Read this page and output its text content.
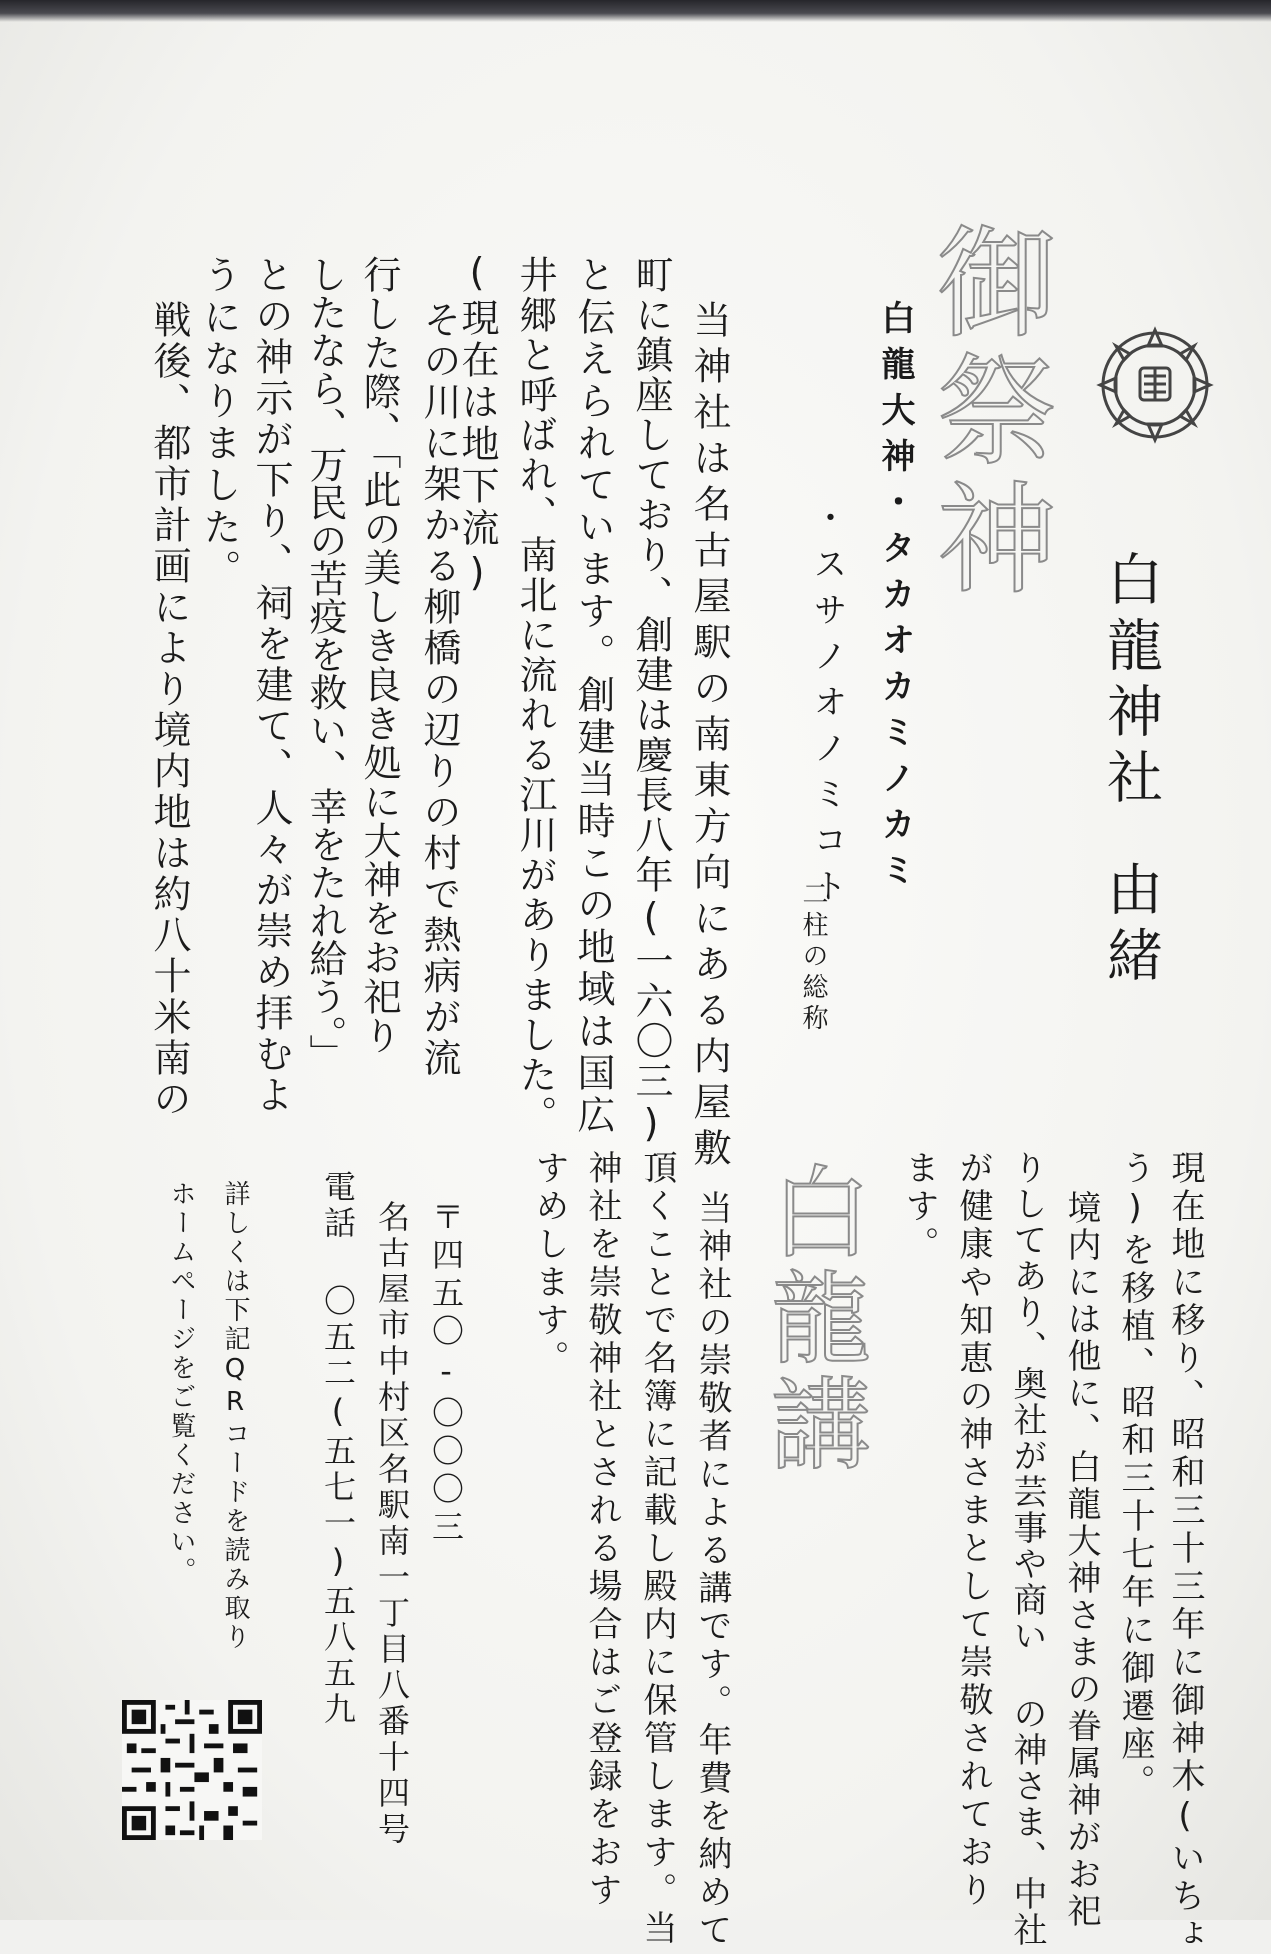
白龍神社
由緒
御祭神
白龍大神・タカオカミノカミ
・スサノオノミコト
二柱の総称
当神社は名古屋駅の南東方向にある内屋敷
町に鎮座しており、創建は慶長八年(一六〇三)
と伝えられています。創建当時この地域は国広
井郷と呼ばれ、南北に流れる江川がありました。
(現在は地下流)
その川に架かる柳橋の辺りの村で熱病が流
行した際、「此の美しき良き処に大神をお祀り
したなら、万民の苦疫を救い、幸をたれ給う。」
との神示が下り、祠を建て、人々が崇め拝むよ
うになりました。
戦後、都市計画により境内地は約八十米南の
現在地に移り、昭和三十三年に御神木(いちょ
う)を移植、昭和三十七年に御遷座。
境内には他に、白龍大神さまの眷属神がお祀
りしてあり、奥社が芸事や商い の神さま、中社
が健康や知恵の神さまとして崇敬されており
ます。
白龍講
当神社の崇敬者による講です。年費を納めて
頂くことで名簿に記載し殿内に保管します。当
神社を崇敬神社とされる場合はご登録をおす
すめします。
〒四五〇-〇〇〇三
名古屋市中村区名駅南一丁目八番十四号
電話 〇五二(五七一)五八五九
詳しくは下記QRコードを読み取り
ホームページをご覧ください。
